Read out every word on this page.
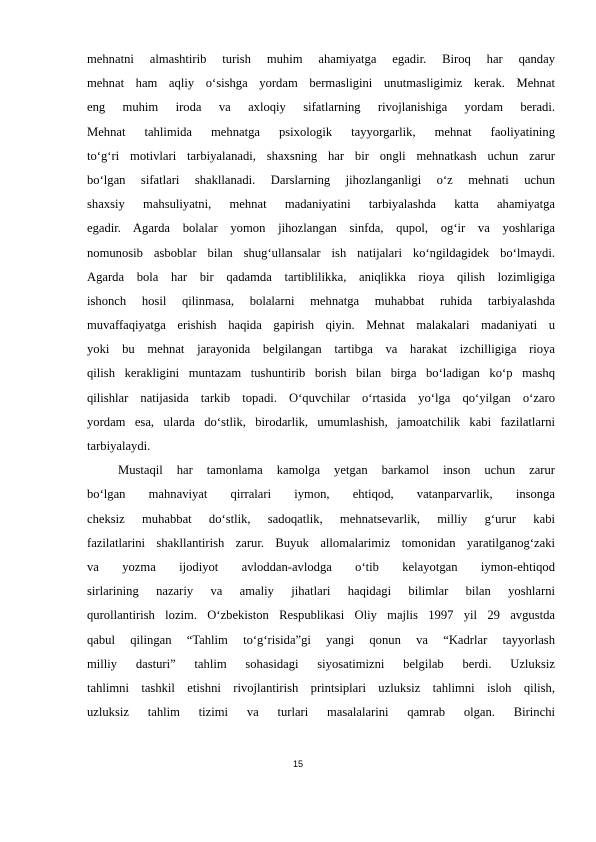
mehnatni almashtirib turish muhim ahamiyatga egadir. Biroq har qanday
mehnat ham aqliy o‘sishga yordam bermasligini unutmasligimiz kerak. Mehnat
eng muhim iroda va axloqiy sifatlarning rivojlanishiga yordam beradi.
Mehnat tahlimida mehnatga psixologik tayyorgarlik, mehnat faoliyatining
to‘g‘ri motivlari tarbiyalanadi, shaxsning har bir ongli mehnatkash uchun zarur
bo‘lgan sifatlari shakllanadi. Darslarning jihozlanganligi o‘z mehnati uchun
shaxsiy mahsuliyatni, mehnat madaniyatini tarbiyalashda katta ahamiyatga
egadir. Agarda bolalar yomon jihozlangan sinfda, qupol, og‘ir va yoshlariga
nomunosib asboblar bilan shug‘ullansalar ish natijalari ko‘ngildagidek bo‘lmaydi.
Agarda bola har bir qadamda tartiblilikka, aniqlikka rioya qilish lozimligiga
ishonch hosil qilinmasa, bolalarni mehnatga muhabbat ruhida tarbiyalashda
muvaffaqiyatga erishish haqida gapirish qiyin. Mehnat malakalari madaniyati u
yoki bu mehnat jarayonida belgilangan tartibga va harakat izchilligiga rioya
qilish kerakligini muntazam tushuntirib borish bilan birga bo‘ladigan ko‘p mashq
qilishlar natijasida tarkib topadi. O‘quvchilar o‘rtasida yo‘lga qo‘yilgan o‘zaro
yordam esa, ularda do‘stlik, birodarlik, umumlashish, jamoatchilik kabi fazilatlarni
tarbiyalaydi.
Mustaqil har tamonlama kamolga yetgan barkamol inson uchun zarur
bo‘lgan mahnaviyat qirralari iymon, ehtiqod, vatanparvarlik, insonga
cheksiz muhabbat do‘stlik, sadoqatlik, mehnatsevarlik, milliy g‘urur kabi
fazilatlarini shakllantirish zarur. Buyuk allomalarimiz tomonidan yaratilganog‘zaki
va yozma ijodiyot avloddan-avlodga o‘tib kelayotgan iymon-ehtiqod
sirlarining nazariy va amaliy jihatlari haqidagi bilimlar bilan yoshlarni
qurollantirish lozim. O‘zbekiston Respublikasi Oliy majlis 1997 yil 29 avgustda
qabul qilingan “Tahlim to‘g‘risida”gi yangi qonun va “Kadrlar tayyorlash
milliy dasturi” tahlim sohasidagi siyosatimizni belgilab berdi. Uzluksiz
tahlimni tashkil etishni rivojlantirish printsiplari uzluksiz tahlimni isloh qilish,
uzluksiz tahlim tizimi va turlari masalalarini qamrab olgan. Birinchi
15
